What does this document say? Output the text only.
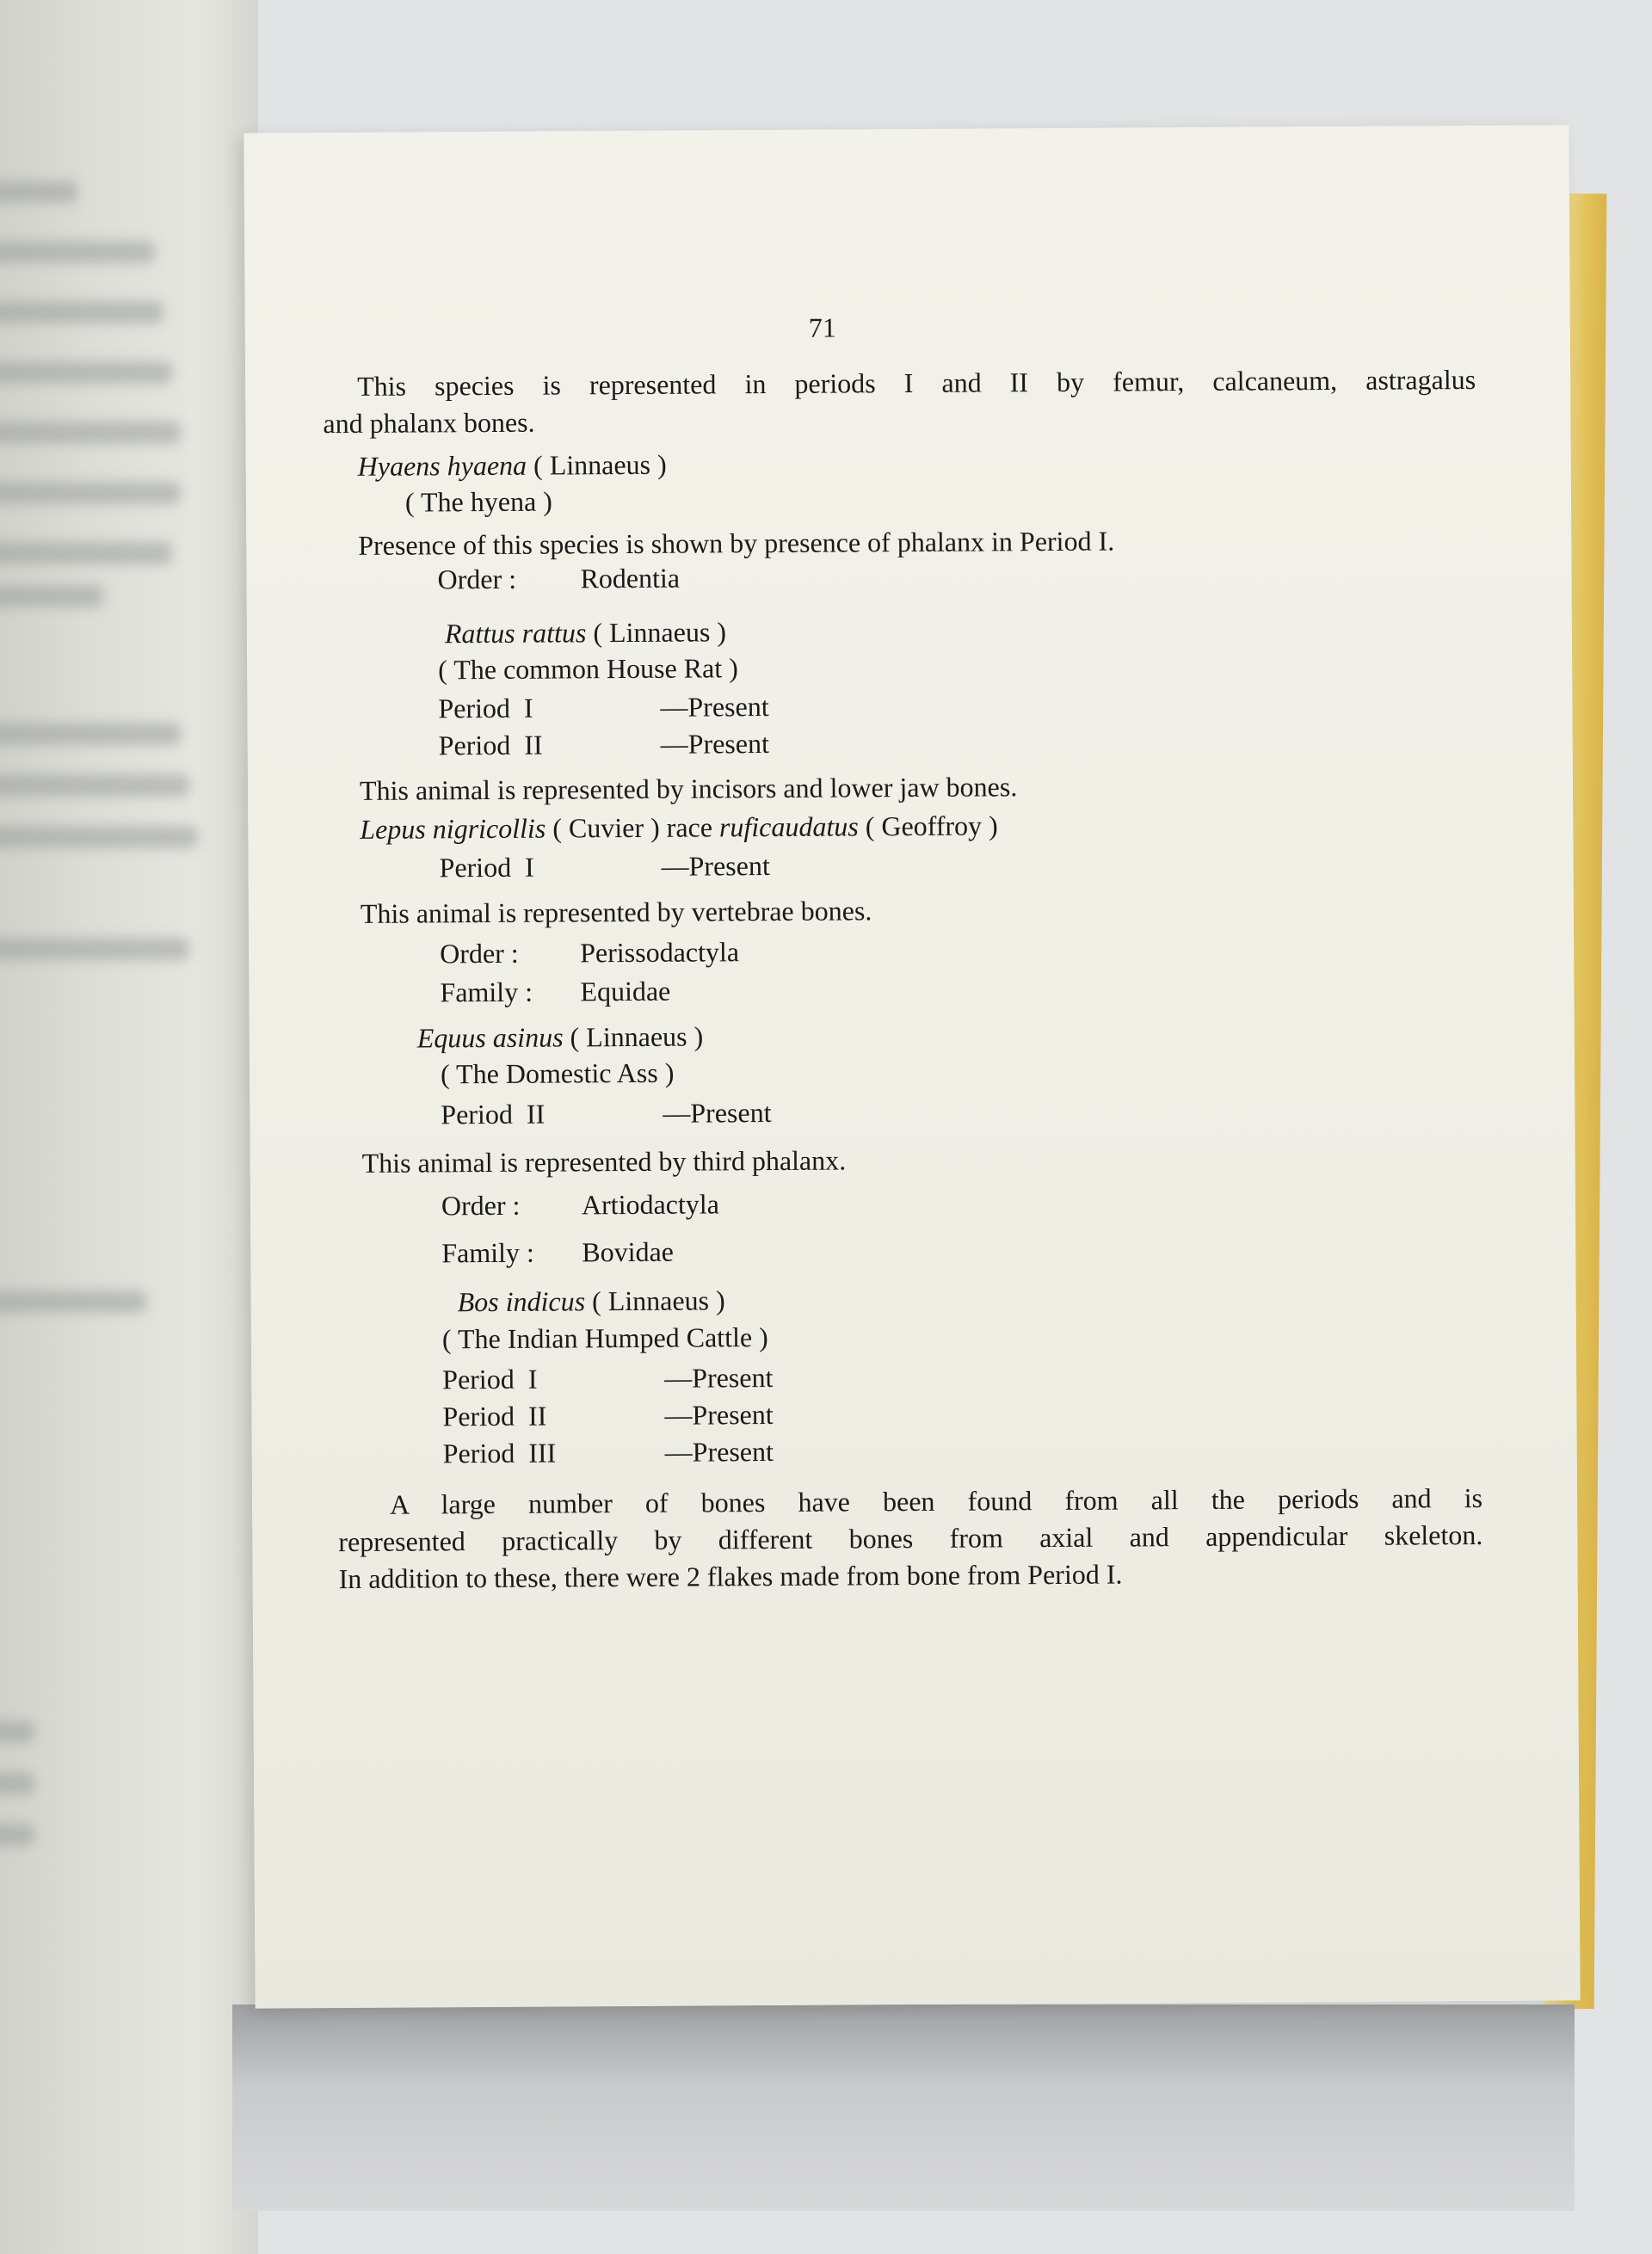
71
This species is represented in periods I and II by femur, calcaneum, astragalus
and phalanx bones.
Hyaens hyaena ( Linnaeus )
( The hyena )
Presence of this species is shown by presence of phalanx in Period I.
Order : Rodentia
Rattus rattus ( Linnaeus )
( The common House Rat )
Period  I	—Present
Period  II	—Present
This animal is represented by incisors and lower jaw bones.
Lepus nigricollis ( Cuvier ) race ruficaudatus ( Geoffroy )
Period  I	—Present
This animal is represented by vertebrae bones.
Order : Perissodactyla
Family : Equidae
Equus asinus ( Linnaeus )
( The Domestic Ass )
Period  II	—Present
This animal is represented by third phalanx.
Order : Artiodactyla
Family : Bovidae
Bos indicus ( Linnaeus )
( The Indian Humped Cattle )
Period  I	—Present
Period  II	—Present
Period  III	—Present
A large number of bones have been found from all the periods and is
represented practically by different bones from axial and appendicular skeleton.
In addition to these, there were 2 flakes made from bone from Period I.
